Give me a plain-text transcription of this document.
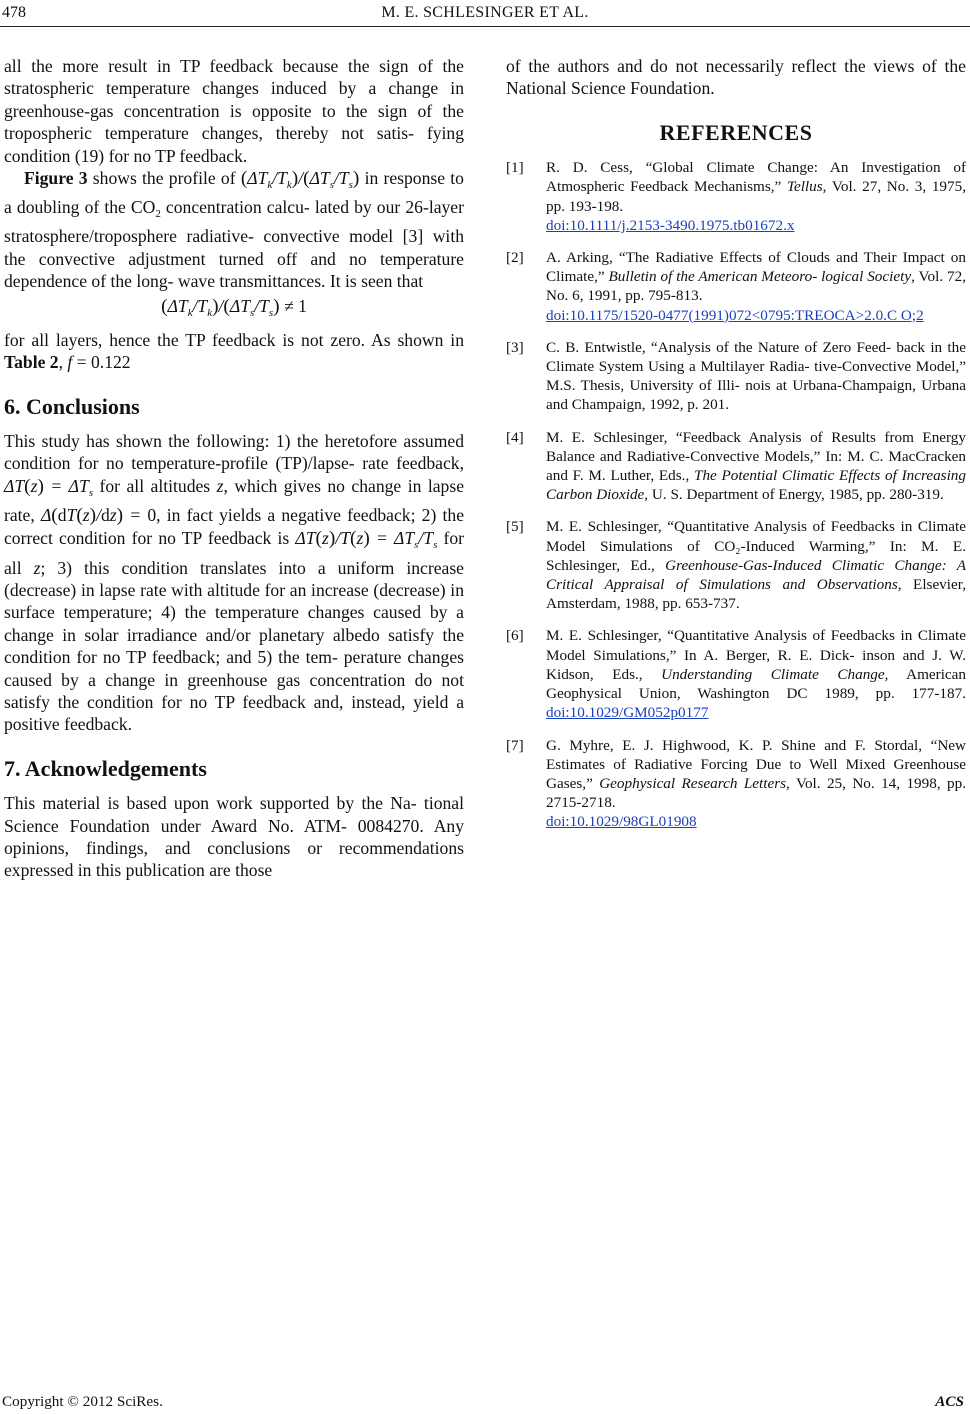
478	M. E. SCHLESINGER ET AL.

all the more result in TP feedback because the sign of the stratospheric temperature changes induced by a change in greenhouse-gas concentration is opposite to the sign of the tropospheric temperature changes, thereby not satis- fying condition (19) for no TP feedback.

Figure 3 shows the profile of $(\Delta T_k/T_k)/(\Delta T_s/T_s)$ in response to a doubling of the $CO_2$ concentration calcu- lated by our 26-layer stratosphere/troposphere radiative- convective model [3] with the convective adjustment turned off and no temperature dependence of the long- wave transmittances. It is seen that

$(\Delta T_k/T_k)/(\Delta T_s/T_s) \ne 1$

for all layers, hence the TP feedback is not zero. As shown in Table 2, f = 0.122

6. Conclusions

This study has shown the following: 1) the heretofore assumed condition for no temperature-profile (TP)/lapse- rate feedback, $\Delta T(z) = \Delta T_s$ for all altitudes z, which gives no change in lapse rate, Δ(dT(z)/dz) = 0, in fact yields a negative feedback; 2) the correct condition for no TP feedback is $\Delta T(z)/T(z) = \Delta T_s/T_s$ for all z; 3) this condition translates into a uniform increase (decrease) in lapse rate with altitude for an increase (decrease) in surface temperature; 4) the temperature changes caused by a change in solar irradiance and/or planetary albedo satisfy the condition for no TP feedback; and 5) the tem- perature changes caused by a change in greenhouse gas concentration do not satisfy the condition for no TP feedback and, instead, yield a positive feedback.

7. Acknowledgements

This material is based upon work supported by the Na- tional Science Foundation under Award No. ATM- 0084270. Any opinions, findings, and conclusions or recommendations expressed in this publication are those

of the authors and do not necessarily reflect the views of the National Science Foundation.

REFERENCES
[1] R. D. Cess, “Global Climate Change: An Investigation of Atmospheric Feedback Mechanisms,” Tellus, Vol. 27, No. 3, 1975, pp. 193-198.
doi:10.1111/j.2153-3490.1975.tb01672.x
[2] A. Arking, “The Radiative Effects of Clouds and Their Impact on Climate,” Bulletin of the American Meteoro- logical Society, Vol. 72, No. 6, 1991, pp. 795-813.
doi:10.1175/1520-0477(1991)072<0795:TREOCA>2.0.C O;2
[3] C. B. Entwistle, “Analysis of the Nature of Zero Feed- back in the Climate System Using a Multilayer Radia- tive-Convective Model,” M.S. Thesis, University of Illi- nois at Urbana-Champaign, Urbana and Champaign, 1992, p. 201.
[4] M. E. Schlesinger, “Feedback Analysis of Results from Energy Balance and Radiative-Convective Models,” In: M. C. MacCracken and F. M. Luther, Eds., The Potential Climatic Effects of Increasing Carbon Dioxide, U. S. Department of Energy, 1985, pp. 280-319.
[5] M. E. Schlesinger, “Quantitative Analysis of Feedbacks in Climate Model Simulations of CO₂-Induced Warming,” In: M. E. Schlesinger, Ed., Greenhouse-Gas-Induced Climatic Change: A Critical Appraisal of Simulations and Observations, Elsevier, Amsterdam, 1988, pp. 653-737.
[6] M. E. Schlesinger, “Quantitative Analysis of Feedbacks in Climate Model Simulations,” In A. Berger, R. E. Dick- inson and J. W. Kidson, Eds., Understanding Climate Change, American Geophysical Union, Washington DC 1989, pp. 177-187. doi:10.1029/GM052p0177
[7] G. Myhre, E. J. Highwood, K. P. Shine and F. Stordal, “New Estimates of Radiative Forcing Due to Well Mixed Greenhouse Gases,” Geophysical Research Letters, Vol. 25, No. 14, 1998, pp. 2715-2718.
doi:10.1029/98GL01908
Copyright © 2012 SciRes.	ACS
